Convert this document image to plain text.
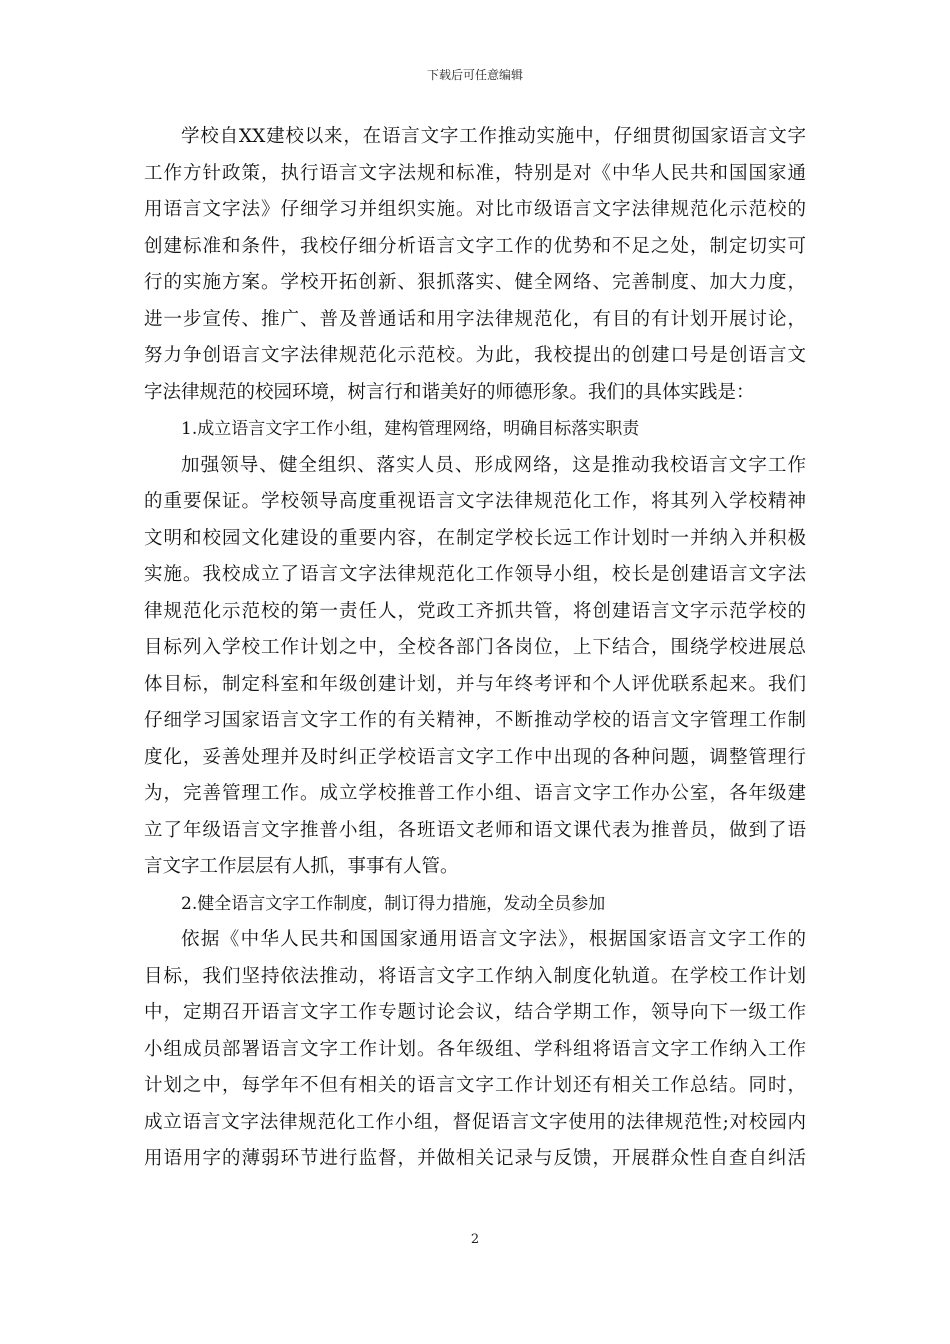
下载后可任意编辑
学校自XX建校以来，在语言文字工作推动实施中，仔细贯彻国家语言文字
工作方针政策，执行语言文字法规和标准，特别是对《中华人民共和国国家通
用语言文字法》仔细学习并组织实施。对比市级语言文字法律规范化示范校的
创建标准和条件，我校仔细分析语言文字工作的优势和不足之处，制定切实可
行的实施方案。学校开拓创新、狠抓落实、健全网络、完善制度、加大力度，
进一步宣传、推广、普及普通话和用字法律规范化，有目的有计划开展讨论，
努力争创语言文字法律规范化示范校。为此，我校提出的创建口号是创语言文
字法律规范的校园环境，树言行和谐美好的师德形象。我们的具体实践是：
1.成立语言文字工作小组，建构管理网络，明确目标落实职责
加强领导、健全组织、落实人员、形成网络，这是推动我校语言文字工作
的重要保证。学校领导高度重视语言文字法律规范化工作，将其列入学校精神
文明和校园文化建设的重要内容，在制定学校长远工作计划时一并纳入并积极
实施。我校成立了语言文字法律规范化工作领导小组，校长是创建语言文字法
律规范化示范校的第一责任人，党政工齐抓共管，将创建语言文字示范学校的
目标列入学校工作计划之中，全校各部门各岗位，上下结合，围绕学校进展总
体目标，制定科室和年级创建计划，并与年终考评和个人评优联系起来。我们
仔细学习国家语言文字工作的有关精神，不断推动学校的语言文字管理工作制
度化，妥善处理并及时纠正学校语言文字工作中出现的各种问题，调整管理行
为，完善管理工作。成立学校推普工作小组、语言文字工作办公室，各年级建
立了年级语言文字推普小组，各班语文老师和语文课代表为推普员，做到了语
言文字工作层层有人抓，事事有人管。
2.健全语言文字工作制度，制订得力措施，发动全员参加
依据《中华人民共和国国家通用语言文字法》，根据国家语言文字工作的
目标，我们坚持依法推动，将语言文字工作纳入制度化轨道。在学校工作计划
中，定期召开语言文字工作专题讨论会议，结合学期工作，领导向下一级工作
小组成员部署语言文字工作计划。各年级组、学科组将语言文字工作纳入工作
计划之中，每学年不但有相关的语言文字工作计划还有相关工作总结。同时，
成立语言文字法律规范化工作小组，督促语言文字使用的法律规范性;对校园内
用语用字的薄弱环节进行监督，并做相关记录与反馈，开展群众性自查自纠活
2
